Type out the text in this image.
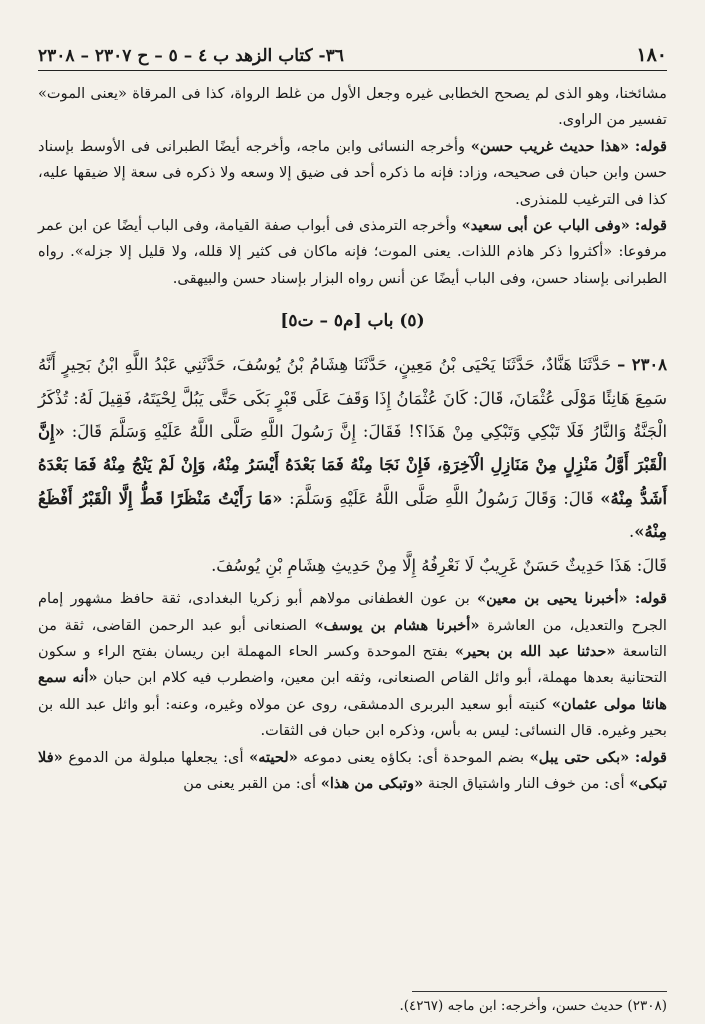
١٨٠
٣٦- كتاب الزهد ب ٤ – ٥ – ح ٢٣٠٧ – ٢٣٠٨

مشائخنا، وهو الذى لم يصحح الخطابى غيره وجعل الأول من غلط الرواة، كذا فى المرقاة «يعنى الموت» تفسير من الراوى.

قوله: «هذا حديث غريب حسن» وأخرجه النسائى وابن ماجه، وأخرجه أيضًا الطبرانى فى الأوسط بإسناد حسن وابن حبان فى صحيحه، وزاد: فإنه ما ذكره أحد فى ضيق إلا وسعه ولا ذكره فى سعة إلا ضيقها عليه، كذا فى الترغيب للمنذرى.

قوله: «وفى الباب عن أبى سعيد» وأخرجه الترمذى فى أبواب صفة القيامة، وفى الباب أيضًا عن ابن عمر مرفوعا: «أكثروا ذكر هاذم اللذات. يعنى الموت؛ فإنه ماكان فى كثير إلا قلله، ولا قليل إلا جزله». رواه الطبرانى بإسناد حسن، وفى الباب أيضًا عن أنس رواه البزار بإسناد حسن والبيهقى.

(٥) باب [م٥ – ت٥]

٢٣٠٨ – حَدَّثَنَا هَنَّادٌ، حَدَّثَنَا يَحْيَى بْنُ مَعِينٍ، حَدَّثَنَا هِشَامُ بْنُ يُوسُفَ، حَدَّثَنِي عَبْدُ اللَّهِ ابْنُ بَحِيرٍ أَنَّهُ سَمِعَ هَانِئًا مَوْلَى عُثْمَانَ، قَالَ: كَانَ عُثْمَانُ إِذَا وَقَفَ عَلَى قَبْرٍ بَكَى حَتَّى يَبُلَّ لِحْيَتَهُ، فَقِيلَ لَهُ: تُذْكَرُ الْجَنَّةُ وَالنَّارُ فَلَا تَبْكِي وَتَبْكِي مِنْ هَذَا؟! فَقَالَ: إِنَّ رَسُولَ اللَّهِ صَلَّى اللَّهُ عَلَيْهِ وَسَلَّمَ قَالَ: «إِنَّ الْقَبْرَ أَوَّلُ مَنْزِلٍ مِنْ مَنَازِلِ الْآخِرَةِ، فَإِنْ نَجَا مِنْهُ فَمَا بَعْدَهُ أَيْسَرُ مِنْهُ، وَإِنْ لَمْ يَنْجُ مِنْهُ فَمَا بَعْدَهُ أَشَدُّ مِنْهُ» قَالَ: وَقَالَ رَسُولُ اللَّهِ صَلَّى اللَّهُ عَلَيْهِ وَسَلَّمَ: «مَا رَأَيْتُ مَنْظَرًا قَطُّ إِلَّا الْقَبْرُ أَفْظَعُ مِنْهُ».

قَالَ: هَذَا حَدِيثٌ حَسَنٌ غَرِيبٌ لَا نَعْرِفُهُ إِلَّا مِنْ حَدِيثِ هِشَامِ بْنِ يُوسُفَ.

قوله: «أخبرنا يحيى بن معين» بن عون الغطفانى مولاهم أبو زكريا البغدادى، ثقة حافظ مشهور إمام الجرح والتعديل، من العاشرة «أخبرنا هشام بن يوسف» الصنعانى أبو عبد الرحمن القاضى، ثقة من التاسعة «حدثنا عبد الله بن بحير» بفتح الموحدة وكسر الحاء المهملة ابن ريسان بفتح الراء و سكون التحتانية بعدها مهملة، أبو وائل القاص الصنعانى، وثقه ابن معين، واضطرب فيه كلام ابن حبان «أنه سمع هانئا مولى عثمان» كنيته أبو سعيد البربرى الدمشقى، روى عن مولاه وغيره، وعنه: أبو وائل عبد الله بن بحير وغيره. قال النسائى: ليس به بأس، وذكره ابن حبان فى الثقات.

قوله: «بكى حتى يبل» بضم الموحدة أى: بكاؤه يعنى دموعه «لحيته» أى: يجعلها مبلولة من الدموع «فلا تبكى» أى: من خوف النار واشتياق الجنة «وتبكى من هذا» أى: من القبر يعنى من

(٢٣٠٨) حديث حسن، وأخرجه: ابن ماجه (٤٢٦٧).
